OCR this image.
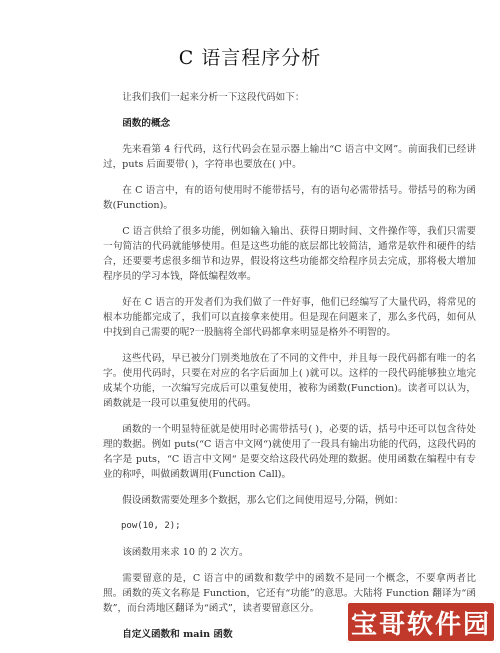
C 语言程序分析

让我们我们一起来分析一下这段代码如下：

函数的概念

先来看第 4 行代码，这行代码会在显示器上输出“C 语言中文网”。前面我们已经讲过，puts 后面要带( )，字符串也要放在( )中。

在 C 语言中，有的语句使用时不能带括号，有的语句必需带括号。带括号的称为函数(Function)。

C 语言供给了很多功能，例如输入输出、获得日期时间、文件操作等，我们只需要一句简洁的代码就能够使用。但是这些功能的底层都比较简洁，通常是软件和硬件的结合，还要要考虑很多细节和边界，假设将这些功能都交给程序员去完成，那将极大增加程序员的学习本钱，降低编程效率。

好在 C 语言的开发者们为我们做了一件好事，他们已经编写了大量代码，将常见的根本功能都完成了，我们可以直接拿来使用。但是现在问题来了，那么多代码，如何从中找到自己需要的呢?一股脑将全部代码都拿来明显是格外不明智的。

这些代码，早已被分门别类地放在了不同的文件中，并且每一段代码都有唯一的名字。使用代码时，只要在对应的名字后面加上( )就可以。这样的一段代码能够独立地完成某个功能，一次编写完成后可以重复使用，被称为函数(Function)。读者可以认为，函数就是一段可以重复使用的代码。

函数的一个明显特征就是使用时必需带括号( )，必要的话，括号中还可以包含待处理的数据。例如 puts(“C 语言中文网“)就使用了一段具有输出功能的代码，这段代码的名字是 puts，“C 语言中文网“ 是要交给这段代码处理的数据。使用函数在编程中有专业的称呼，叫做函数调用(Function Call)。

假设函数需要处理多个数据，那么它们之间使用逗号,分隔，例如：

pow(10, 2);

该函数用来求 10 的 2 次方。

需要留意的是，C 语言中的函数和数学中的函数不是同一个概念，不要拿两者比照。函数的英文名称是 Function，它还有“功能”的意思。大陆将 Function 翻译为“函数”，而台湾地区翻译为“函式”，读者要留意区分。

自定义函数和 main 函数	宝哥软件园
